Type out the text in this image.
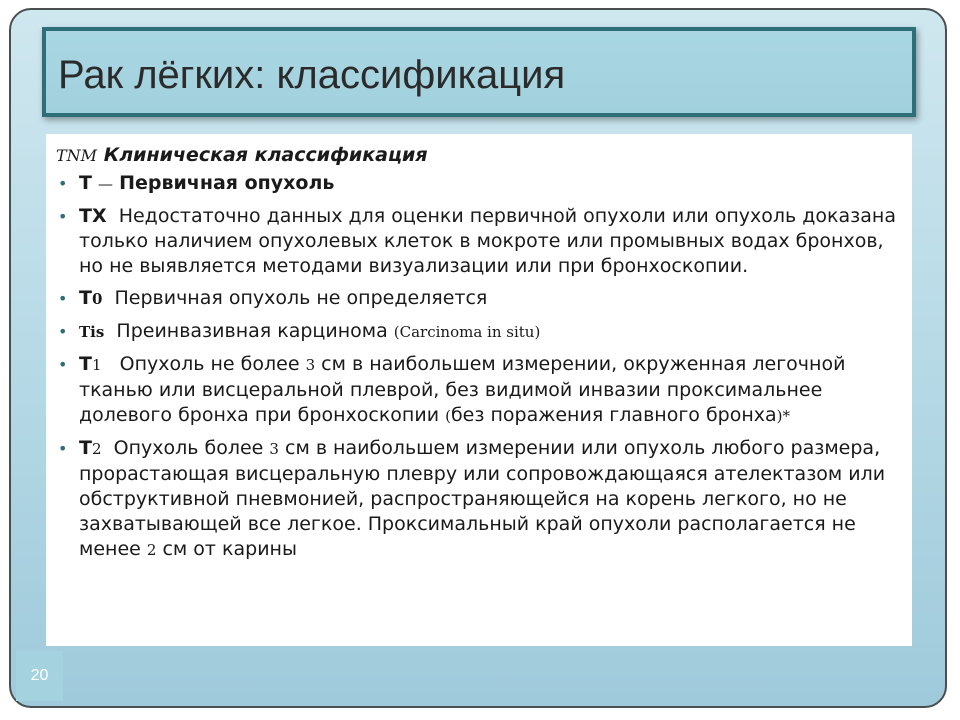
Рак лёгких: классификация

TNM Клиническая классификация

• T — Первичная опухоль
• TX Недостаточно данных для оценки первичной опухоли или опухоль доказана только наличием опухолевых клеток в мокроте или промывных водах бронхов, но не выявляется методами визуализации или при бронхоскопии.
• T0 Первичная опухоль не определяется
• Tis Преинвазивная карцинома (Carcinoma in situ)
• T1 Опухоль не более 3 см в наибольшем измерении, окруженная легочной тканью или висцеральной плеврой, без видимой инвазии проксимальнее долевого бронха при бронхоскопии (без поражения главного бронха)*
• T2 Опухоль более 3 см в наибольшем измерении или опухоль любого размера, прорастающая висцеральную плевру или сопровождающаяся ателектазом или обструктивной пневмонией, распространяющейся на корень легкого, но не захватывающей все легкое. Проксимальный край опухоли располагается не менее 2 см от карины
20
